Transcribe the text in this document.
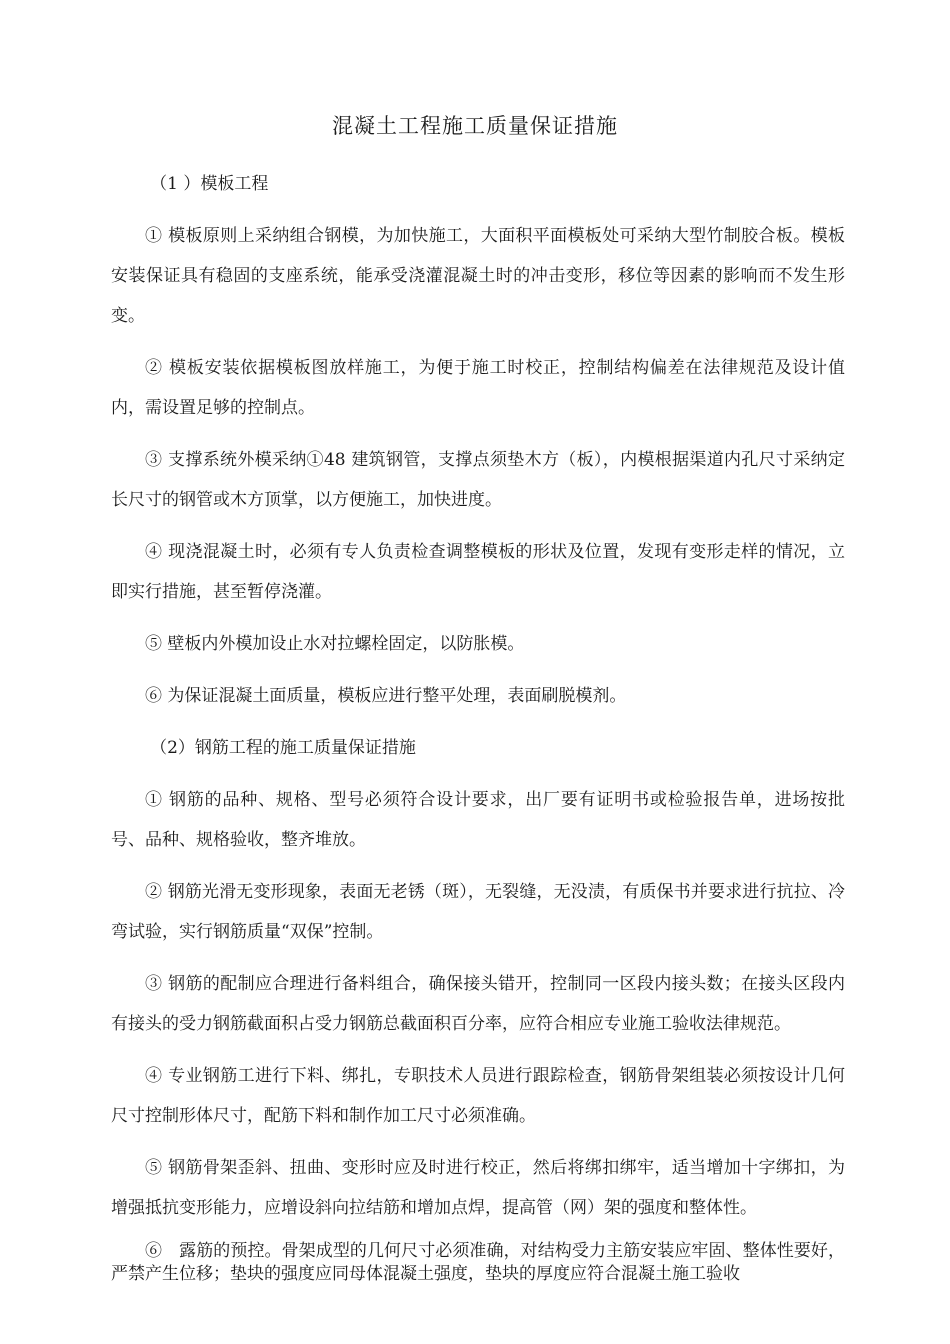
混凝土工程施工质量保证措施

（1 ）模板工程

① 模板原则上采纳组合钢模，为加快施工，大面积平面模板处可采纳大型竹制胶合板。模板安装保证具有稳固的支座系统，能承受浇灌混凝土时的冲击变形，移位等因素的影响而不发生形变。

② 模板安装依据模板图放样施工，为便于施工时校正，控制结构偏差在法律规范及设计值内，需设置足够的控制点。

③ 支撑系统外模采纳①48 建筑钢管，支撑点须垫木方（板），内模根据渠道内孔尺寸采纳定长尺寸的钢管或木方顶掌，以方便施工，加快进度。

④ 现浇混凝土时，必须有专人负责检查调整模板的形状及位置，发现有变形走样的情况，立即实行措施，甚至暂停浇灌。

⑤ 壁板内外模加设止水对拉螺栓固定，以防胀模。

⑥ 为保证混凝土面质量，模板应进行整平处理，表面刷脱模剂。

（2）钢筋工程的施工质量保证措施

① 钢筋的品种、规格、型号必须符合设计要求，出厂要有证明书或检验报告单，进场按批号、品种、规格验收，整齐堆放。

② 钢筋光滑无变形现象，表面无老锈（斑），无裂缝，无没渍，有质保书并要求进行抗拉、冷弯试验，实行钢筋质量“双保”控制。

③ 钢筋的配制应合理进行备料组合，确保接头错开，控制同一区段内接头数；在接头区段内有接头的受力钢筋截面积占受力钢筋总截面积百分率，应符合相应专业施工验收法律规范。

④ 专业钢筋工进行下料、绑扎，专职技术人员进行跟踪检查，钢筋骨架组装必须按设计几何尺寸控制形体尺寸，配筋下料和制作加工尺寸必须准确。

⑤ 钢筋骨架歪斜、扭曲、变形时应及时进行校正，然后将绑扣绑牢，适当增加十字绑扣，为增强抵抗变形能力，应增设斜向拉结筋和增加点焊，提高管（网）架的强度和整体性。

⑥　露筋的预控。骨架成型的几何尺寸必须准确，对结构受力主筋安装应牢固、整体性要好，严禁产生位移；垫块的强度应同母体混凝土强度，垫块的厚度应符合混凝土施工验收
